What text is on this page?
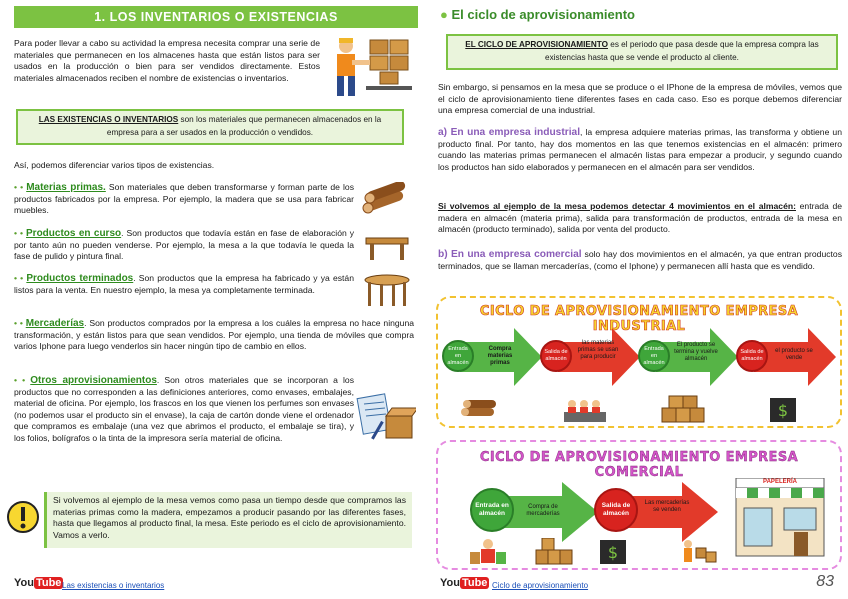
1. LOS INVENTARIOS O EXISTENCIAS
Para poder llevar a cabo su actividad la empresa necesita comprar una serie de materiales que permanecen en los almacenes hasta que están listos para ser usados en la producción o bien para ser vendidos directamente. Estos materiales almacenados reciben el nombre de existencias o inventarios.
LAS EXISTENCIAS O INVENTARIOS son los materiales que permanecen almacenados en la empresa para a ser usados en la producción o vendidos.
Así, podemos diferenciar varios tipos de existencias.
• • Materias primas. Son materiales que deben transformarse y forman parte de los productos fabricados por la empresa. Por ejemplo, la madera que se usa para fabricar muebles.
• • Productos en curso. Son productos que todavía están en fase de elaboración y por tanto aún no pueden venderse. Por ejemplo, la mesa a la que todavía le queda la fase de pulido y pintura final.
• • Productos terminados. Son productos que la empresa ha fabricado y ya están listos para la venta. En nuestro ejemplo, la mesa ya completamente terminada.
• • Mercaderías. Son productos comprados por la empresa a los cuáles la empresa no hace ninguna transformación, y están listos para que sean vendidos. Por ejemplo, una tienda de móviles que compra varios Iphone para luego venderlos sin hacer ningún tipo de cambio en ellos.
• • Otros aprovisionamientos. Son otros materiales que se incorporan a los productos que no corresponden a las definiciones anteriores, como envases, embalajes, material de oficina. Por ejemplo, los frascos en los que vienen los perfumes son envases (no podemos usar el producto sin el envase), la caja de cartón donde viene el ordenador que compramos es embalaje (una vez que abrimos el producto, el embalaje se tira), y los folios, bolígrafos o la tinta de la impresora sería material de oficina.
Si volvemos al ejemplo de la mesa vemos como pasa un tiempo desde que compramos las materias primas como la madera, empezamos a producir pasando por las diferentes fases, hasta que llegamos al producto final, la mesa. Este periodo es el ciclo de aprovisionamiento. Vamos a verlo.
You Tube Las existencias o inventarios
● El ciclo de aprovisionamiento
EL CICLO DE APROVISIONAMIENTO es el periodo que pasa desde que la empresa compra las existencias hasta que se vende el producto al cliente.
Sin embargo, si pensamos en la mesa que se produce o el IPhone de la empresa de móviles, vemos que el ciclo de aprovisionamiento tiene diferentes fases en cada caso. Eso es porque debemos diferenciar una empresa comercial de una industrial.
a) En una empresa industrial, la empresa adquiere materias primas, las transforma y obtiene un producto final. Por tanto, hay dos momentos en las que tenemos existencias en el almacén: primero cuando las materias primas permanecen el almacén listas para empezar a producir, y segundo cuando los productos han sido elaborados y permanecen en el almacén para ser vendidos.
Si volvemos al ejemplo de la mesa podemos detectar 4 movimientos en el almacén: entrada de madera en almacén (materia prima), salida para transformación de productos, entrada de la mesa en almacén (producto terminado), salida por venta del producto.
b) En una empresa comercial solo hay dos movimientos en el almacén, ya que entran productos terminados, que se llaman mercaderías, (como el Iphone) y permanecen allí hasta que es vendido.
CICLO DE APROVISIONAMIENTO EMPRESA INDUSTRIAL
Entrada en almacén
Salida de almacén
Entrada en almacén
Salida de almacén
Compra materias primas
las materias primas se usan para producir
El producto se termina y vuelve almacén
el producto se vende
$
CICLO DE APROVISIONAMIENTO EMPRESA COMERCIAL
Entrada en almacén
Salida de almacén
Compra de mercaderías
Las mercaderías se venden
PAPELERÍA
$
You Tube Ciclo de aprovisionamiento	83
